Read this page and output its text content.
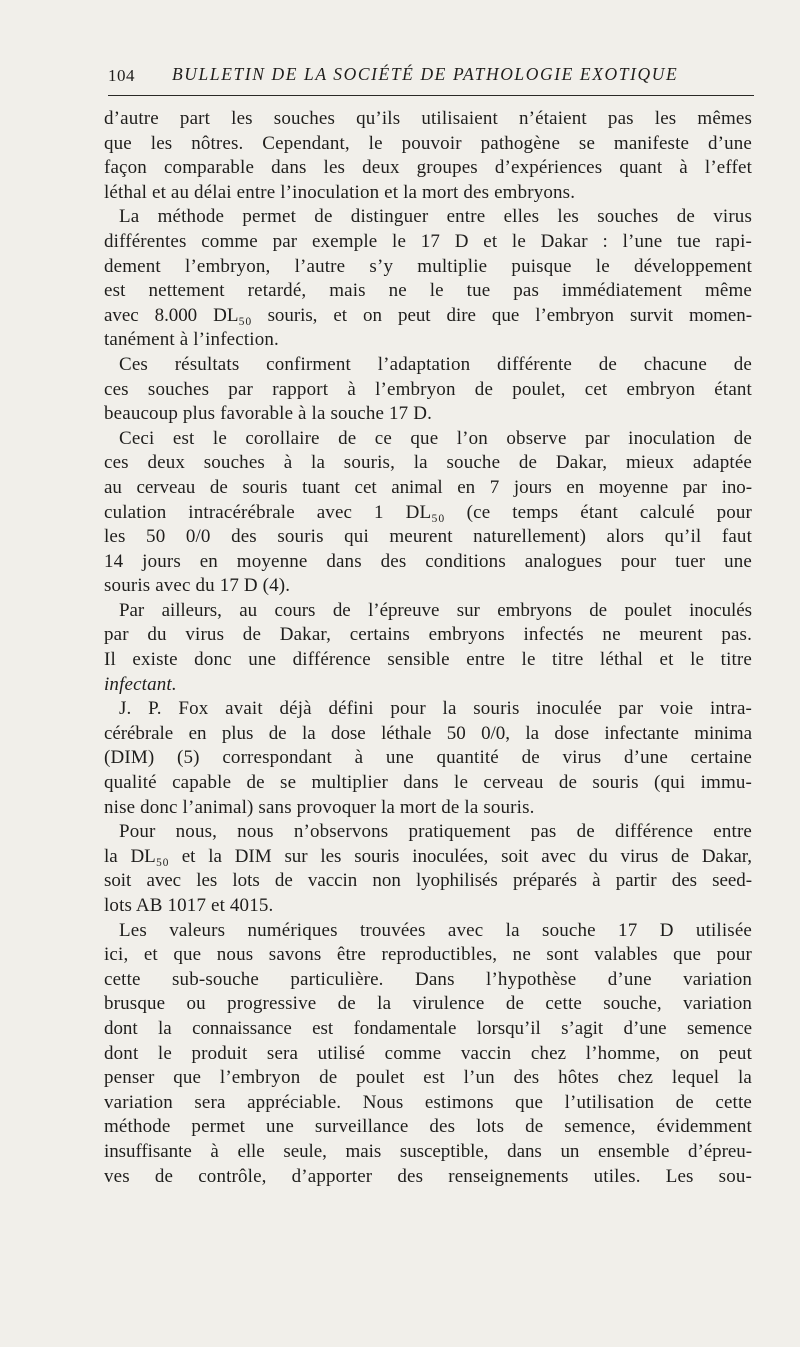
104 BULLETIN DE LA SOCIÉTÉ DE PATHOLOGIE EXOTIQUE
d’autre part les souches qu’ils utilisaient n’étaient pas les mêmes
que les nôtres. Cependant, le pouvoir pathogène se manifeste d’une
façon comparable dans les deux groupes d’expériences quant à l’effet
léthal et au délai entre l’inoculation et la mort des embryons.
La méthode permet de distinguer entre elles les souches de virus
différentes comme par exemple le 17 D et le Dakar : l’une tue rapi-
dement l’embryon, l’autre s’y multiplie puisque le développement
est nettement retardé, mais ne le tue pas immédiatement même
avec 8.000 DL₅₀ souris, et on peut dire que l’embryon survit momen-
tanément à l’infection.
Ces résultats confirment l’adaptation différente de chacune de
ces souches par rapport à l’embryon de poulet, cet embryon étant
beaucoup plus favorable à la souche 17 D.
Ceci est le corollaire de ce que l’on observe par inoculation de
ces deux souches à la souris, la souche de Dakar, mieux adaptée
au cerveau de souris tuant cet animal en 7 jours en moyenne par ino-
culation intracérébrale avec 1 DL₅₀ (ce temps étant calculé pour
les 50 0/0 des souris qui meurent naturellement) alors qu’il faut
14 jours en moyenne dans des conditions analogues pour tuer une
souris avec du 17 D (4).
Par ailleurs, au cours de l’épreuve sur embryons de poulet inoculés
par du virus de Dakar, certains embryons infectés ne meurent pas.
Il existe donc une différence sensible entre le titre léthal et le titre
infectant.
J. P. Fox avait déjà défini pour la souris inoculée par voie intra-
cérébrale en plus de la dose léthale 50 0/0, la dose infectante minima
(DIM) (5) correspondant à une quantité de virus d’une certaine
qualité capable de se multiplier dans le cerveau de souris (qui immu-
nise donc l’animal) sans provoquer la mort de la souris.
Pour nous, nous n’observons pratiquement pas de différence entre
la DL₅₀ et la DIM sur les souris inoculées, soit avec du virus de Dakar,
soit avec les lots de vaccin non lyophilisés préparés à partir des seed-
lots AB 1017 et 4015.
Les valeurs numériques trouvées avec la souche 17 D utilisée
ici, et que nous savons être reproductibles, ne sont valables que pour
cette sub-souche particulière. Dans l’hypothèse d’une variation
brusque ou progressive de la virulence de cette souche, variation
dont la connaissance est fondamentale lorsqu’il s’agit d’une semence
dont le produit sera utilisé comme vaccin chez l’homme, on peut
penser que l’embryon de poulet est l’un des hôtes chez lequel la
variation sera appréciable. Nous estimons que l’utilisation de cette
méthode permet une surveillance des lots de semence, évidemment
insuffisante à elle seule, mais susceptible, dans un ensemble d’épreu-
ves de contrôle, d’apporter des renseignements utiles. Les sou-
